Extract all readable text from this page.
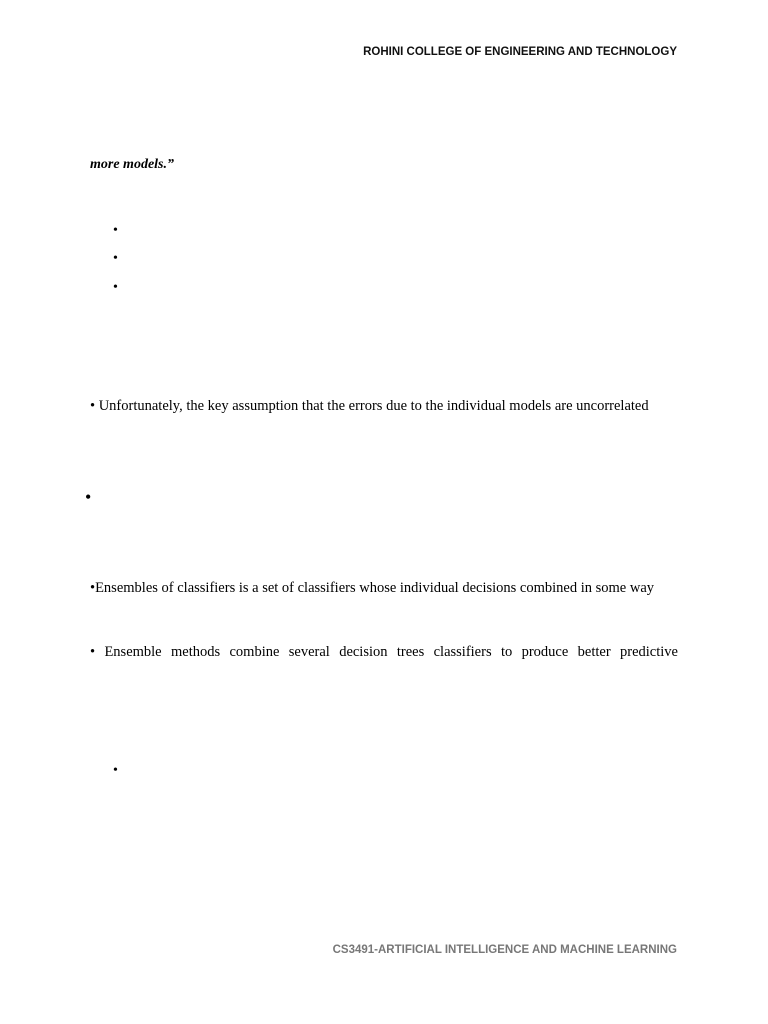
ROHINI COLLEGE OF ENGINEERING AND TECHNOLOGY
more models.”
•
•
•
• Unfortunately, the key assumption that the errors due to the individual models are uncorrelated
•
•Ensembles of classifiers is a set of classifiers whose individual decisions combined in some way
• Ensemble methods combine several decision trees classifiers to produce better predictive
•
CS3491-ARTIFICIAL INTELLIGENCE AND MACHINE LEARNING
